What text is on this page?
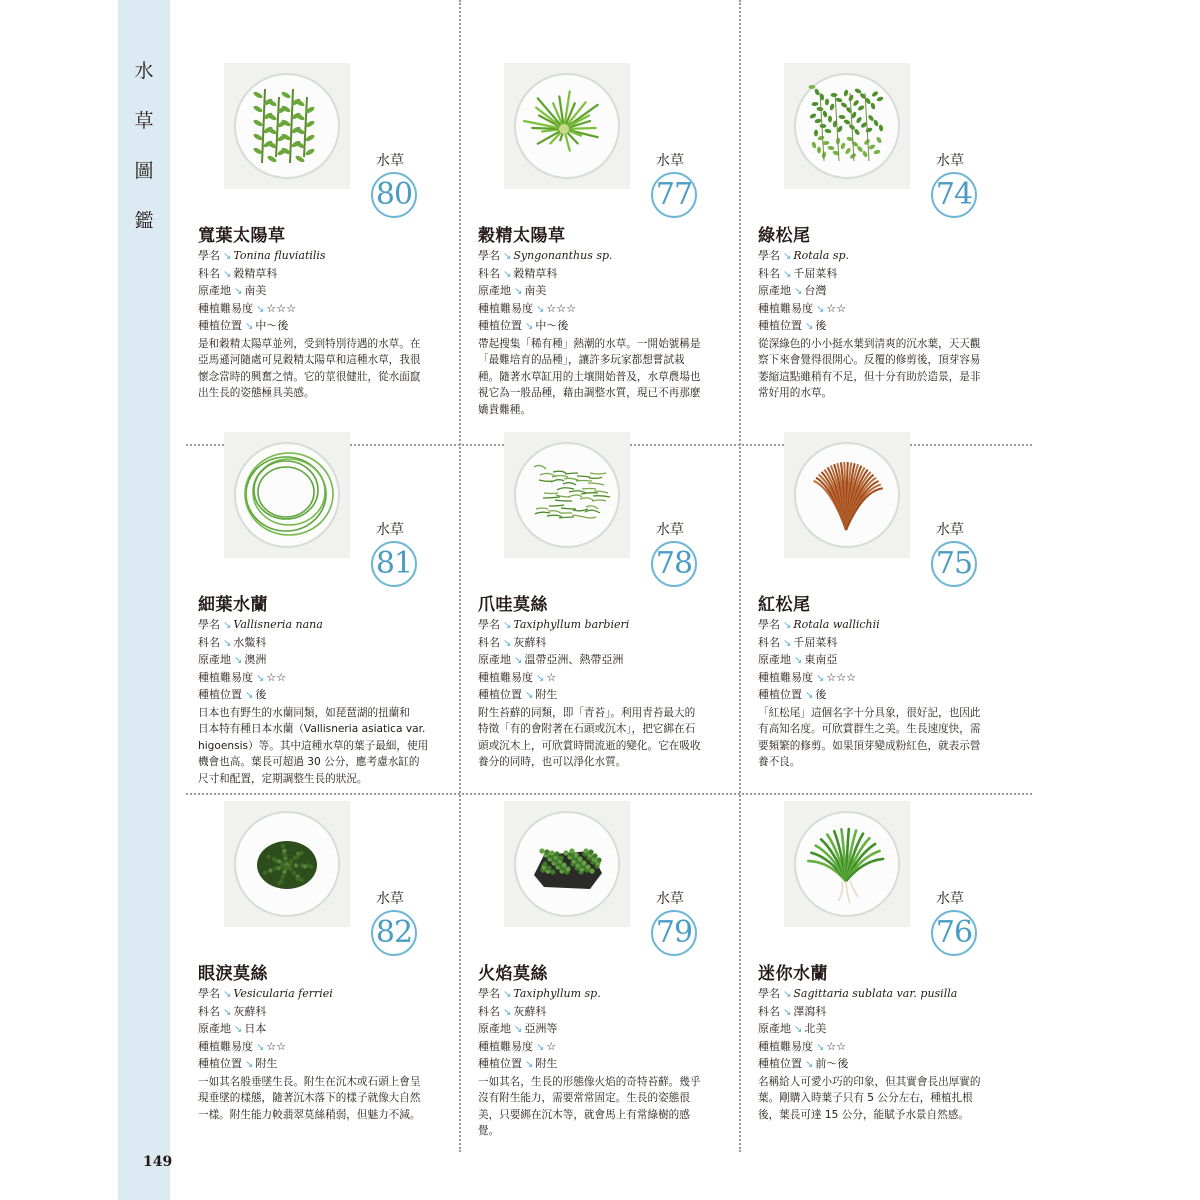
水
草
圖
鑑
水草
80
寬葉太陽草
學名 ↘ Tonina fluviatilis
科名 ↘ 穀精草科
原產地 ↘ 南美
種植難易度 ↘ ☆☆☆
種植位置 ↘ 中～後
是和穀精太陽草並列，受到特別待遇的水草。在
亞馬遜河隨處可見穀精太陽草和這種水草，我很
懷念當時的興奮之情。它的莖很健壯，從水面竄
出生長的姿態極具美感。
水草
77
穀精太陽草
學名 ↘ Syngonanthus sp.
科名 ↘ 穀精草科
原產地 ↘ 南美
種植難易度 ↘ ☆☆☆
種植位置 ↘ 中～後
帶起搜集「稀有種」熱潮的水草。一開始號稱是
「最難培育的品種」，讓許多玩家都想嘗試栽
種。隨著水草缸用的土壤開始普及，水草農場也
視它為一般品種，藉由調整水質，現已不再那麼
嬌貴難種。
水草
74
綠松尾
學名 ↘ Rotala sp.
科名 ↘ 千屈菜科
原產地 ↘ 台灣
種植難易度 ↘ ☆☆
種植位置 ↘ 後
從深綠色的小小挺水葉到清爽的沉水葉，天天觀
察下來會覺得很開心。反覆的修剪後，頂芽容易
萎縮這點雖稍有不足，但十分有助於造景，是非
常好用的水草。
水草
81
細葉水蘭
學名 ↘ Vallisneria nana
科名 ↘ 水鱉科
原產地 ↘ 澳洲
種植難易度 ↘ ☆☆
種植位置 ↘ 後
日本也有野生的水蘭同類，如琵琶湖的扭蘭和
日本特有種日本水蘭（Vallisneria asiatica var.
higoensis）等。其中這種水草的葉子最細，使用
機會也高。葉長可超過 30 公分，應考慮水缸的
尺寸和配置，定期調整生長的狀況。
水草
78
爪哇莫絲
學名 ↘ Taxiphyllum barbieri
科名 ↘ 灰蘚科
原產地 ↘ 溫帶亞洲、熱帶亞洲
種植難易度 ↘ ☆
種植位置 ↘ 附生
附生苔蘚的同類，即「青苔」。利用青苔最大的
特徵「有的會附著在石頭或沉木」，把它綁在石
頭或沉木上，可欣賞時間流逝的變化。它在吸收
養分的同時，也可以淨化水質。
水草
75
紅松尾
學名 ↘ Rotala wallichii
科名 ↘ 千屈菜科
原產地 ↘ 東南亞
種植難易度 ↘ ☆☆☆
種植位置 ↘ 後
「紅松尾」這個名字十分具象，很好記，也因此
有高知名度。可欣賞群生之美。生長速度快，需
要頻繁的修剪。如果頂芽變成粉紅色，就表示營
養不良。
水草
82
眼淚莫絲
學名 ↘ Vesicularia ferriei
科名 ↘ 灰蘚科
原產地 ↘ 日本
種植難易度 ↘ ☆☆
種植位置 ↘ 附生
一如其名般垂墜生長。附生在沉木或石頭上會呈
現垂墜的樣態，隨著沉木落下的樣子就像大自然
一樣。附生能力較翡翠莫絲稍弱，但魅力不減。
水草
79
火焰莫絲
學名 ↘ Taxiphyllum sp.
科名 ↘ 灰蘚科
原產地 ↘ 亞洲等
種植難易度 ↘ ☆
種植位置 ↘ 附生
一如其名，生長的形態像火焰的奇特苔蘚。幾乎
沒有附生能力，需要常常固定。生長的姿態很
美，只要綁在沉木等，就會馬上有常綠樹的感
覺。
水草
76
迷你水蘭
學名 ↘ Sagittaria sublata var. pusilla
科名 ↘ 澤瀉科
原產地 ↘ 北美
種植難易度 ↘ ☆☆
種植位置 ↘ 前～後
名稱給人可愛小巧的印象，但其實會長出厚實的
葉。剛購入時葉子只有 5 公分左右，種植扎根
後，葉長可達 15 公分，能賦予水景自然感。
149
